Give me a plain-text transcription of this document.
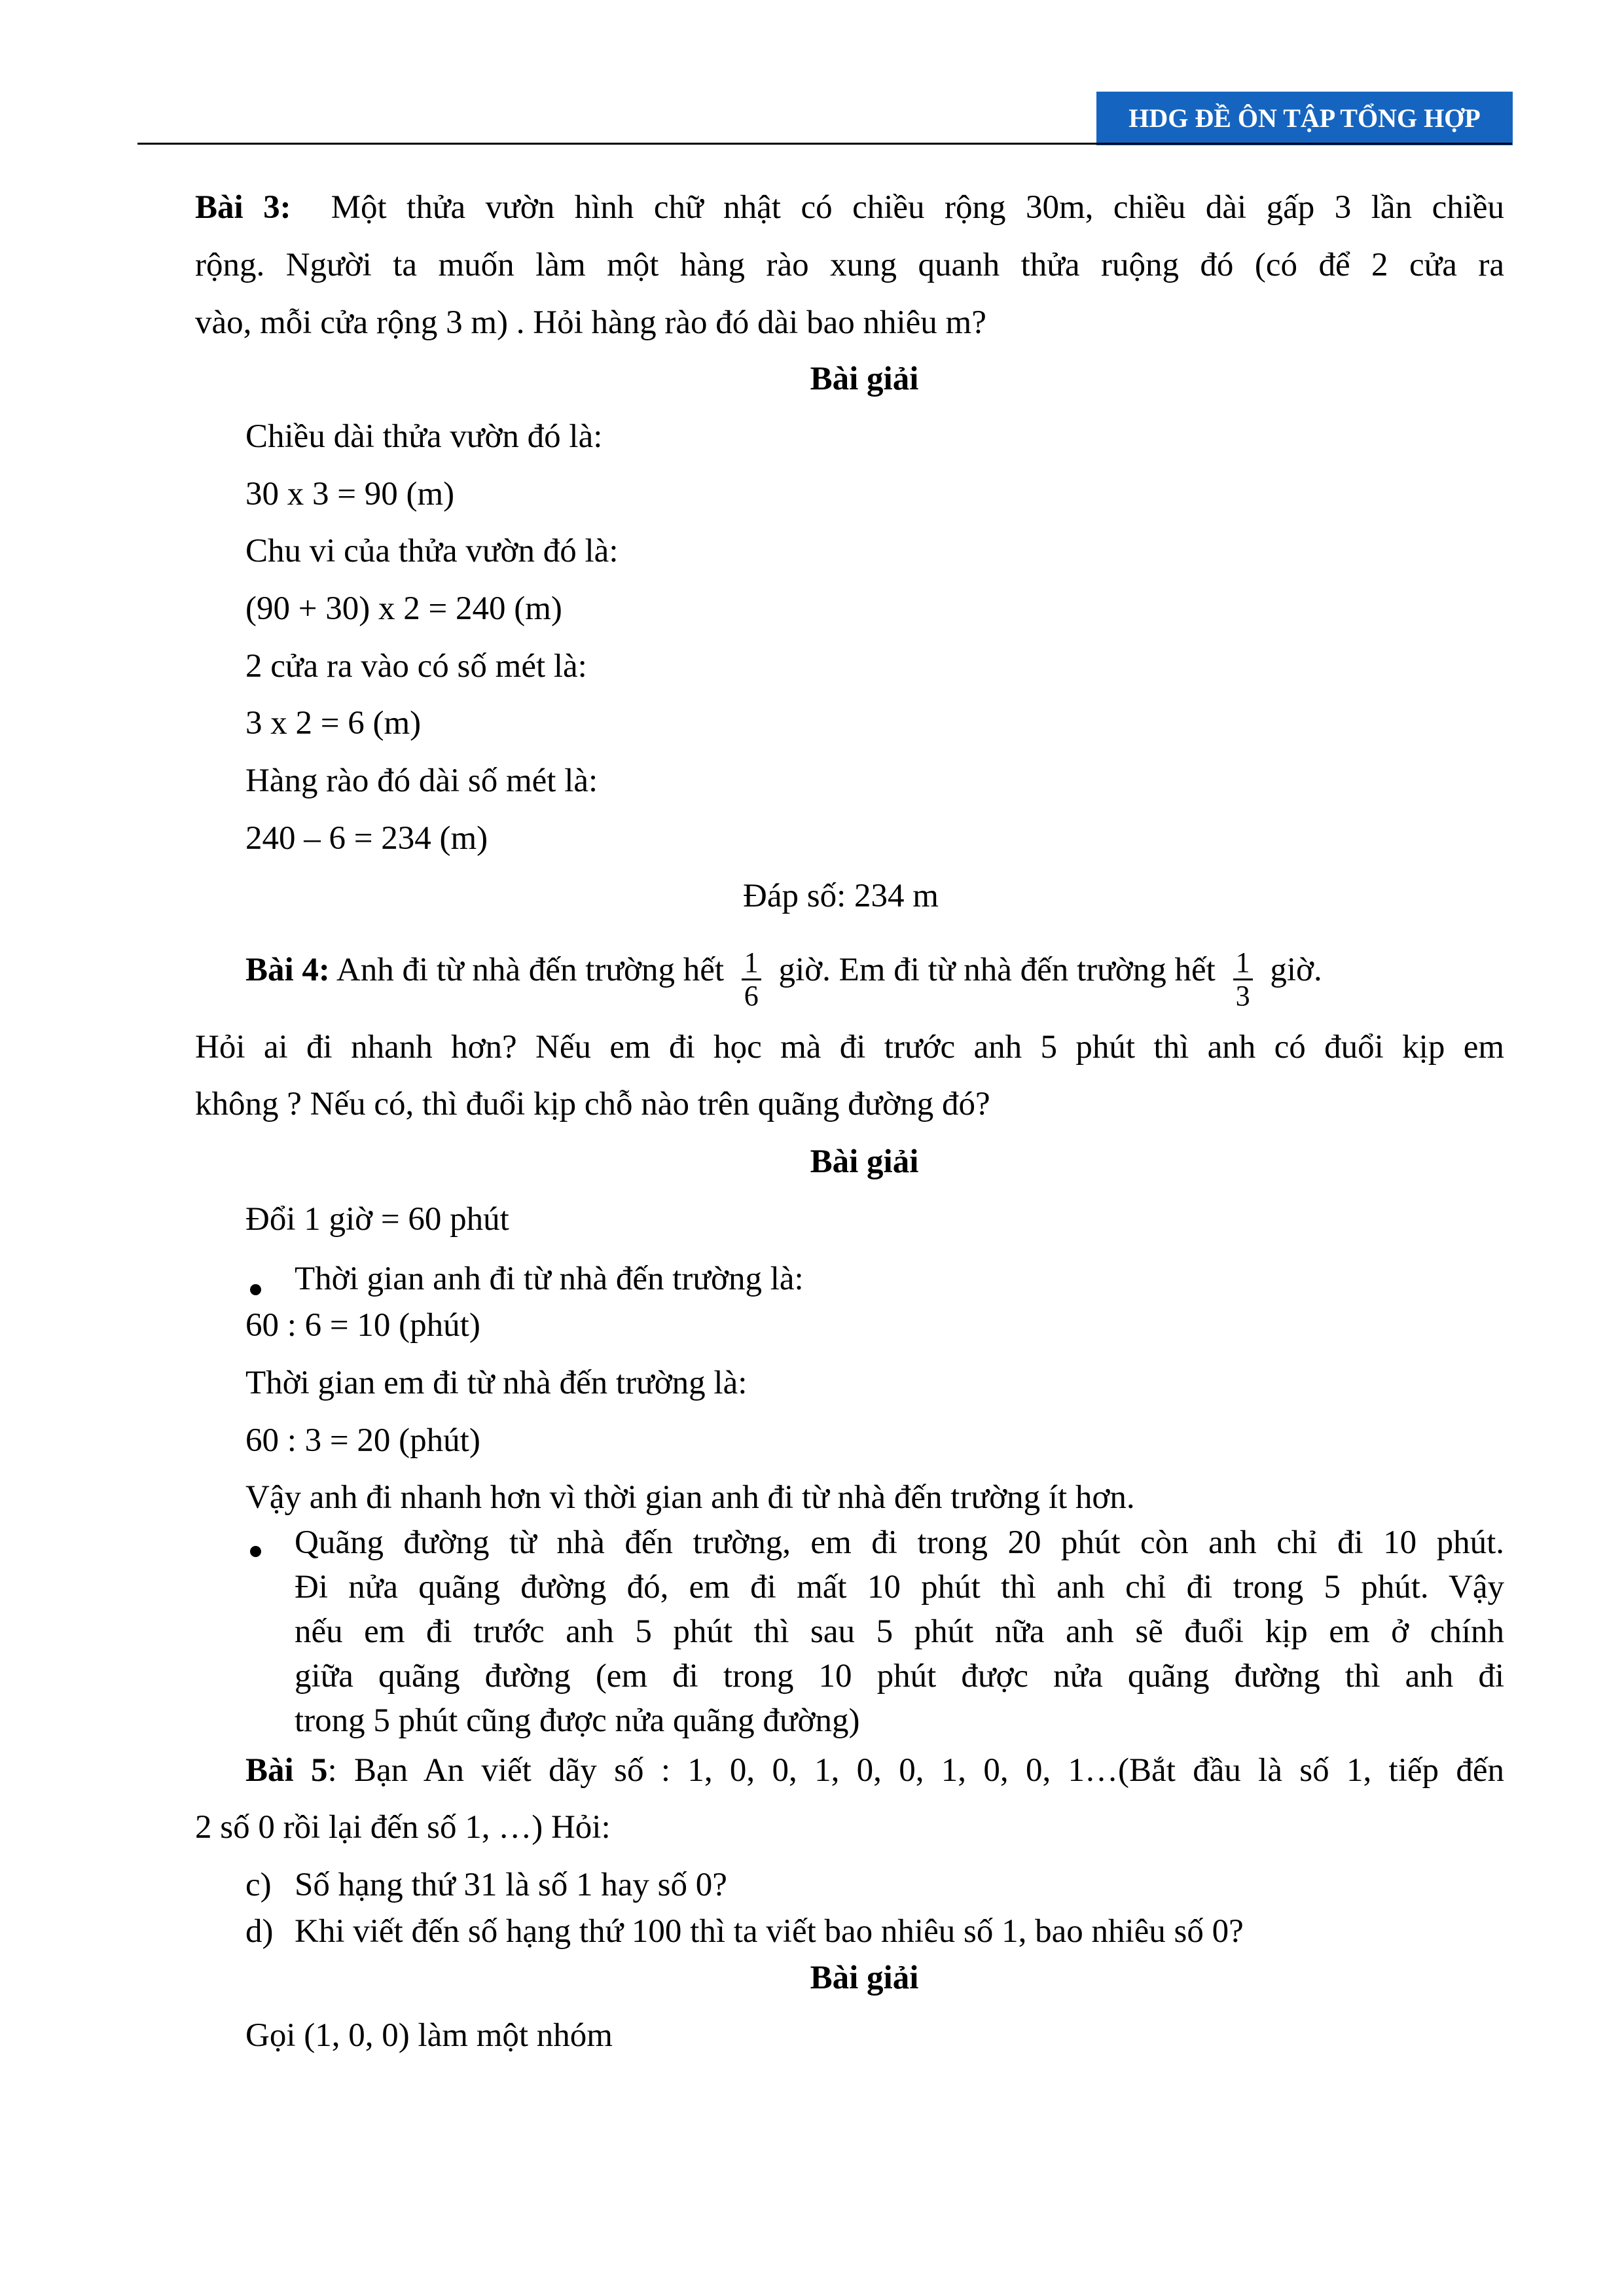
HDG ĐỀ ÔN TẬP TỔNG HỢP
Bài 3: Một thửa vườn hình chữ nhật có chiều rộng 30m, chiều dài gấp 3 lần chiều
rộng. Người ta muốn làm một hàng rào xung quanh thửa ruộng đó (có để 2 cửa ra
vào, mỗi cửa rộng 3 m) . Hỏi hàng rào đó dài bao nhiêu m?
Bài giải
Chiều dài thửa vườn đó là:
30 x 3 = 90 (m)
Chu vi của thửa vườn đó là:
(90 + 30) x 2 = 240 (m)
2 cửa ra vào có số mét là:
3 x 2 = 6 (m)
Hàng rào đó dài số mét là:
240 – 6 = 234 (m)
Đáp số: 234 m
Bài 4: Anh đi từ nhà đến trường hết $\frac{1}{6}$ giờ. Em đi từ nhà đến trường hết $\frac{1}{3}$ giờ.
Hỏi ai đi nhanh hơn? Nếu em đi học mà đi trước anh 5 phút thì anh có đuổi kịp em
không ? Nếu có, thì đuổi kịp chỗ nào trên quãng đường đó?
Bài giải
Đổi 1 giờ = 60 phút
Thời gian anh đi từ nhà đến trường là:
60 : 6 = 10 (phút)
Thời gian em đi từ nhà đến trường là:
60 : 3 = 20 (phút)
Vậy anh đi nhanh hơn vì thời gian anh đi từ nhà đến trường ít hơn.
Quãng đường từ nhà đến trường, em đi trong 20 phút còn anh chỉ đi 10 phút.
Đi nửa quãng đường đó, em đi mất 10 phút thì anh chỉ đi trong 5 phút. Vậy
nếu em đi trước anh 5 phút thì sau 5 phút nữa anh sẽ đuổi kịp em ở chính
giữa quãng đường (em đi trong 10 phút được nửa quãng đường thì anh đi
trong 5 phút cũng được nửa quãng đường)
Bài 5: Bạn An viết dãy số : 1, 0, 0, 1, 0, 0, 1, 0, 0, 1…(Bắt đầu là số 1, tiếp đến
2 số 0 rồi lại đến số 1, …) Hỏi:
c) Số hạng thứ 31 là số 1 hay số 0?
d) Khi viết đến số hạng thứ 100 thì ta viết bao nhiêu số 1, bao nhiêu số 0?
Bài giải
Gọi (1, 0, 0) làm một nhóm
